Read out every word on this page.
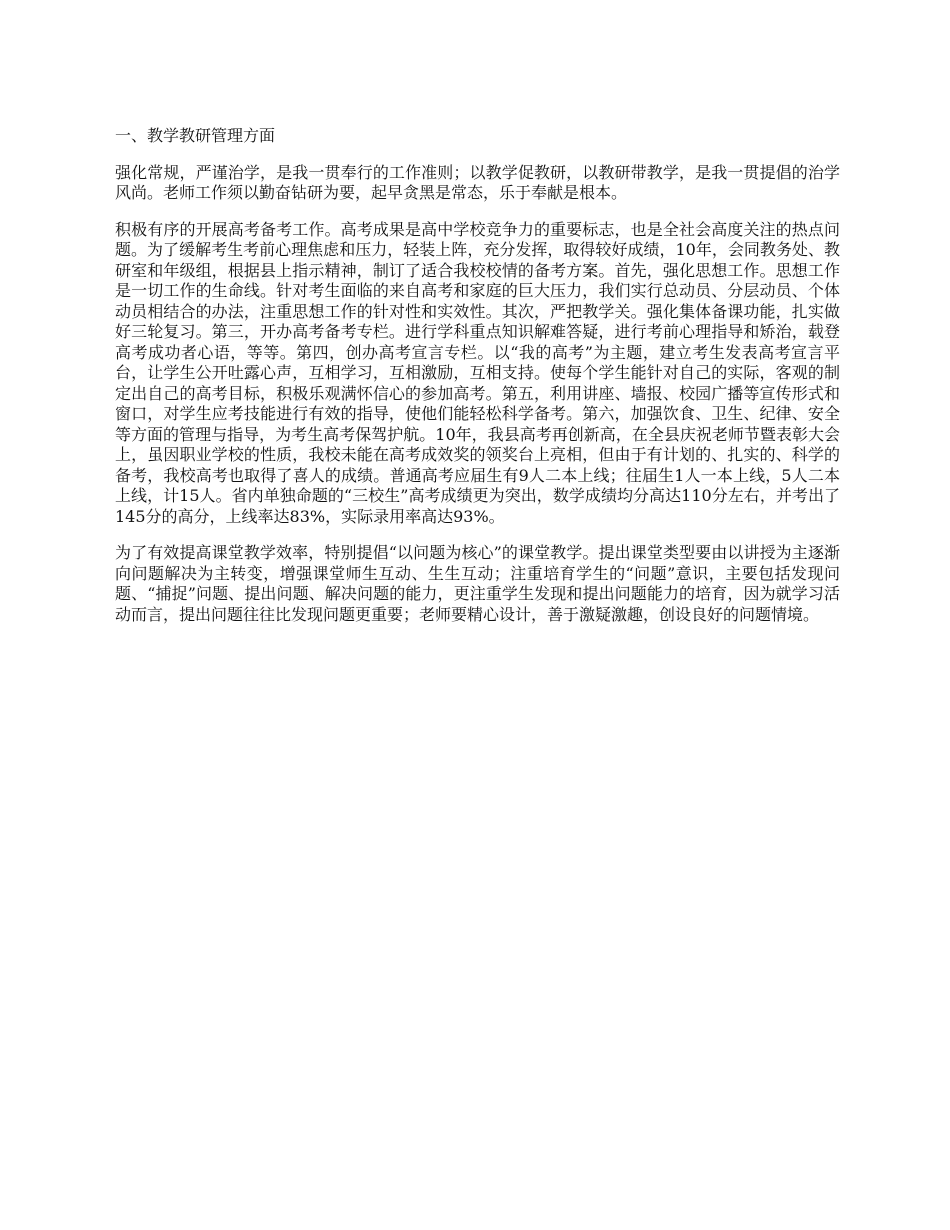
一、教学教研管理方面

强化常规，严谨治学，是我一贯奉行的工作准则；以教学促教研，以教研带教学，是我一贯提倡的治学风尚。老师工作须以勤奋钻研为要，起早贪黑是常态，乐于奉献是根本。

积极有序的开展高考备考工作。高考成果是高中学校竞争力的重要标志，也是全社会高度关注的热点问题。为了缓解考生考前心理焦虑和压力，轻装上阵，充分发挥，取得较好成绩，10年，会同教务处、教研室和年级组，根据县上指示精神，制订了适合我校校情的备考方案。首先，强化思想工作。思想工作是一切工作的生命线。针对考生面临的来自高考和家庭的巨大压力，我们实行总动员、分层动员、个体动员相结合的办法，注重思想工作的针对性和实效性。其次，严把教学关。强化集体备课功能，扎实做好三轮复习。第三，开办高考备考专栏。进行学科重点知识解难答疑，进行考前心理指导和矫治，载登高考成功者心语，等等。第四，创办高考宣言专栏。以“我的高考”为主题，建立考生发表高考宣言平台，让学生公开吐露心声，互相学习，互相激励，互相支持。使每个学生能针对自己的实际，客观的制定出自己的高考目标，积极乐观满怀信心的参加高考。第五，利用讲座、墙报、校园广播等宣传形式和窗口，对学生应考技能进行有效的指导，使他们能轻松科学备考。第六，加强饮食、卫生、纪律、安全等方面的管理与指导，为考生高考保驾护航。10年，我县高考再创新高，在全县庆祝老师节暨表彰大会上，虽因职业学校的性质，我校未能在高考成效奖的领奖台上亮相，但由于有计划的、扎实的、科学的备考，我校高考也取得了喜人的成绩。普通高考应届生有9人二本上线；往届生1人一本上线，5人二本上线，计15人。省内单独命题的“三校生”高考成绩更为突出，数学成绩均分高达110分左右，并考出了145分的高分，上线率达83%，实际录用率高达93%。

为了有效提高课堂教学效率，特别提倡“以问题为核心”的课堂教学。提出课堂类型要由以讲授为主逐渐向问题解决为主转变，增强课堂师生互动、生生互动；注重培育学生的“问题”意识，主要包括发现问题、“捕捉”问题、提出问题、解决问题的能力，更注重学生发现和提出问题能力的培育，因为就学习活动而言，提出问题往往比发现问题更重要；老师要精心设计，善于激疑激趣，创设良好的问题情境。
